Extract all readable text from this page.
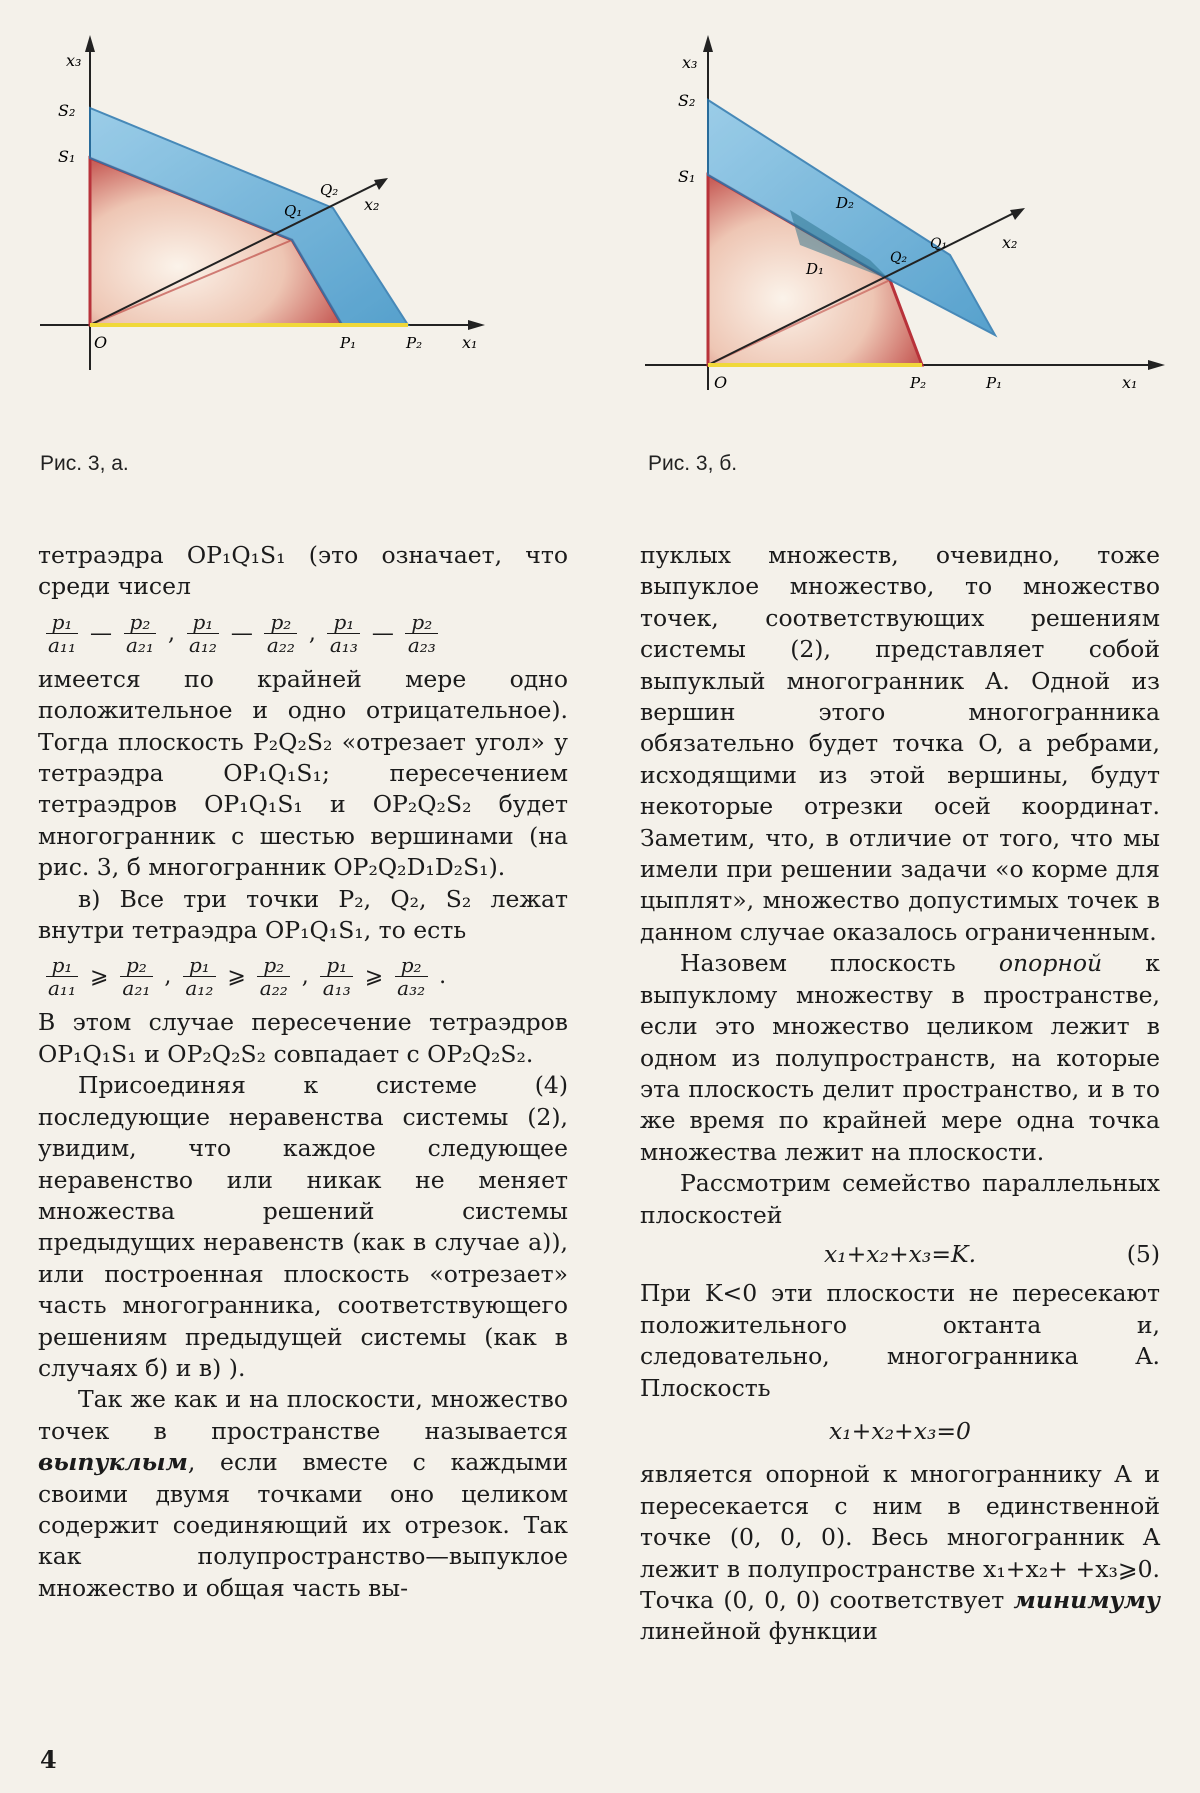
x₃
S₂
S₁
Q₂
Q₁	x₂
O	P₁	P₂ x₁
Рис. 3, а.
x₃
S₂
S₁
D₂
D₁
Q₂
Q₁	x₂
O	P₂	P₁	x₁
Рис. 3, б.

тетраэдра OP₁Q₁S₁ (это означает, что среди чисел

$\frac{\text{p₁}}{\text{a₁₁}}$ — $\frac{\text{p₂}}{\text{a₂₁}}$ , $\frac{\text{p₁}}{\text{a₁₂}}$ — $\frac{\text{p₂}}{\text{a₂₂}}$ , $\frac{\text{p₁}}{\text{a₁₃}}$ — $\frac{\text{p₂}}{\text{a₂₃}}$

имеется по крайней мере одно положительное и одно отрицательное). Тогда плоскость P₂Q₂S₂ «отрезает угол» у тетраэдра OP₁Q₁S₁; пересечением тетраэдров OP₁Q₁S₁ и OP₂Q₂S₂ будет многогранник с шестью вершинами (на рис. 3, б многогранник OP₂Q₂D₁D₂S₁).

в) Все три точки P₂, Q₂, S₂ лежат внутри тетраэдра OP₁Q₁S₁, то есть

$\frac{\text{p₁}}{\text{a₁₁}}$ ⩾ $\frac{\text{p₂}}{\text{a₂₁}}$ , $\frac{\text{p₁}}{\text{a₁₂}}$ ⩾ $\frac{\text{p₂}}{\text{a₂₂}}$ , $\frac{\text{p₁}}{\text{a₁₃}}$ ⩾ $\frac{\text{p₂}}{\text{a₃₂}}$ .

В этом случае пересечение тетраэдров OP₁Q₁S₁ и OP₂Q₂S₂ совпадает с OP₂Q₂S₂.

Присоединяя к системе (4) последующие неравенства системы (2), увидим, что каждое следующее неравенство или никак не меняет множества решений системы предыдущих неравенств (как в случае а)), или построенная плоскость «отрезает» часть многогранника, соответствующего решениям предыдущей системы (как в случаях б) и в) ).

Так же как и на плоскости, множество точек в пространстве называется выпуклым, если вместе с каждыми своими двумя точками оно целиком содержит соединяющий их отрезок. Так как полупространство—выпуклое множество и общая часть вы-

пуклых множеств, очевидно, тоже выпуклое множество, то множество точек, соответствующих решениям системы (2), представляет собой выпуклый многогранник A. Одной из вершин этого многогранника обязательно будет точка O, а ребрами, исходящими из этой вершины, будут некоторые отрезки осей координат. Заметим, что, в отличие от того, что мы имели при решении задачи «о корме для цыплят», множество допустимых точек в данном случае оказалось ограниченным.

Назовем плоскость опорной к выпуклому множеству в пространстве, если это множество целиком лежит в одном из полупространств, на которые эта плоскость делит пространство, и в то же время по крайней мере одна точка множества лежит на плоскости.

Рассмотрим семейство параллельных плоскостей

x₁+x₂+x₃=K.	(5)

При K<0 эти плоскости не пересекают положительного октанта и, следовательно, многогранника A. Плоскость

x₁+x₂+x₃=0

является опорной к многограннику A и пересекается с ним в единственной точке (0, 0, 0). Весь многогранник A лежит в полупространстве x₁+x₂+ +x₃⩾0. Точка (0, 0, 0) соответствует минимуму линейной функции

4
